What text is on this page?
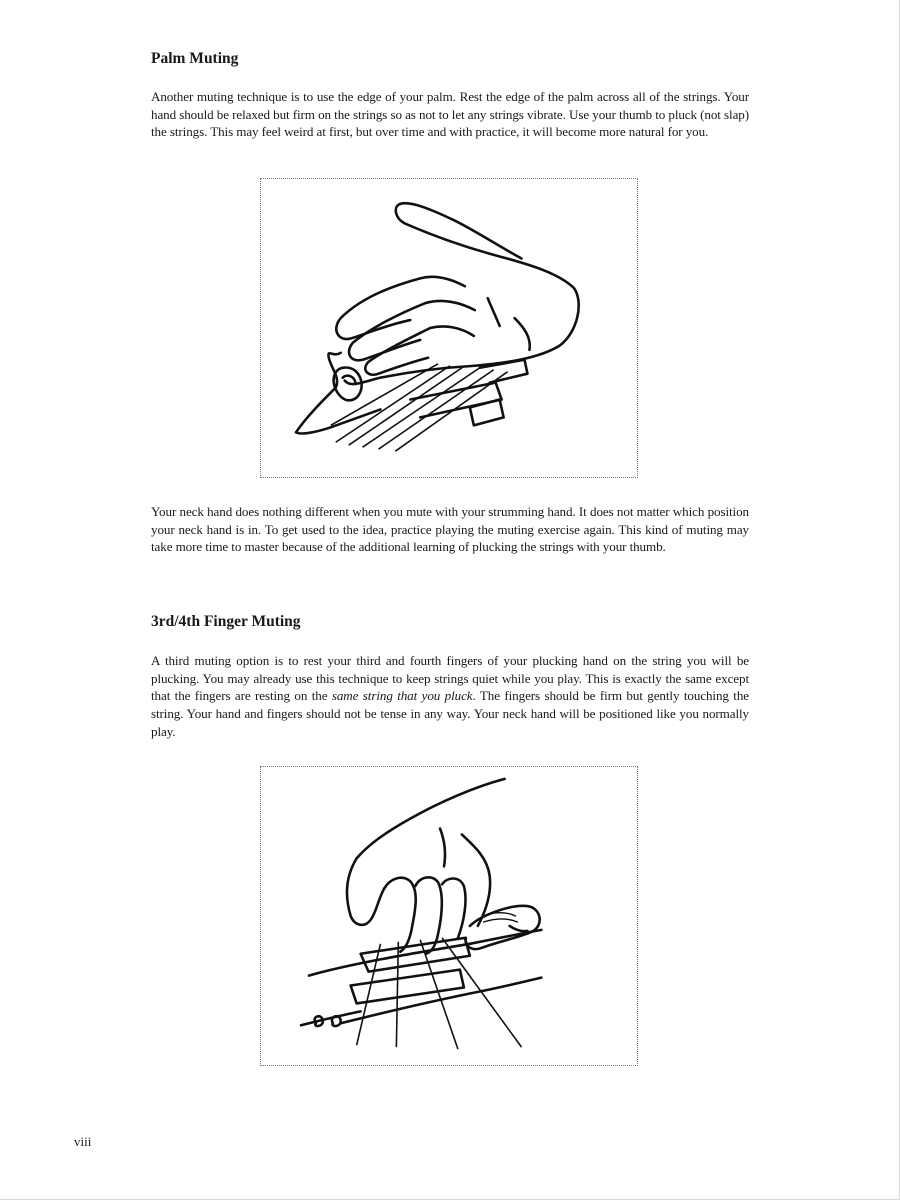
Palm Muting

Another muting technique is to use the edge of your palm. Rest the edge of the palm across all of the strings. Your hand should be relaxed but firm on the strings so as not to let any strings vibrate. Use your thumb to pluck (not slap) the strings. This may feel weird at first, but over time and with practice, it will become more natural for you.

Your neck hand does nothing different when you mute with your strumming hand. It does not matter which position your neck hand is in. To get used to the idea, practice playing the muting exercise again. This kind of muting may take more time to master because of the additional learning of plucking the strings with your thumb.

3rd/4th Finger Muting

A third muting option is to rest your third and fourth fingers of your plucking hand on the string you will be plucking. You may already use this technique to keep strings quiet while you play. This is exactly the same except that the fingers are resting on the same string that you pluck. The fingers should be firm but gently touching the string. Your hand and fingers should not be tense in any way. Your neck hand will be positioned like you normally play.

viii
